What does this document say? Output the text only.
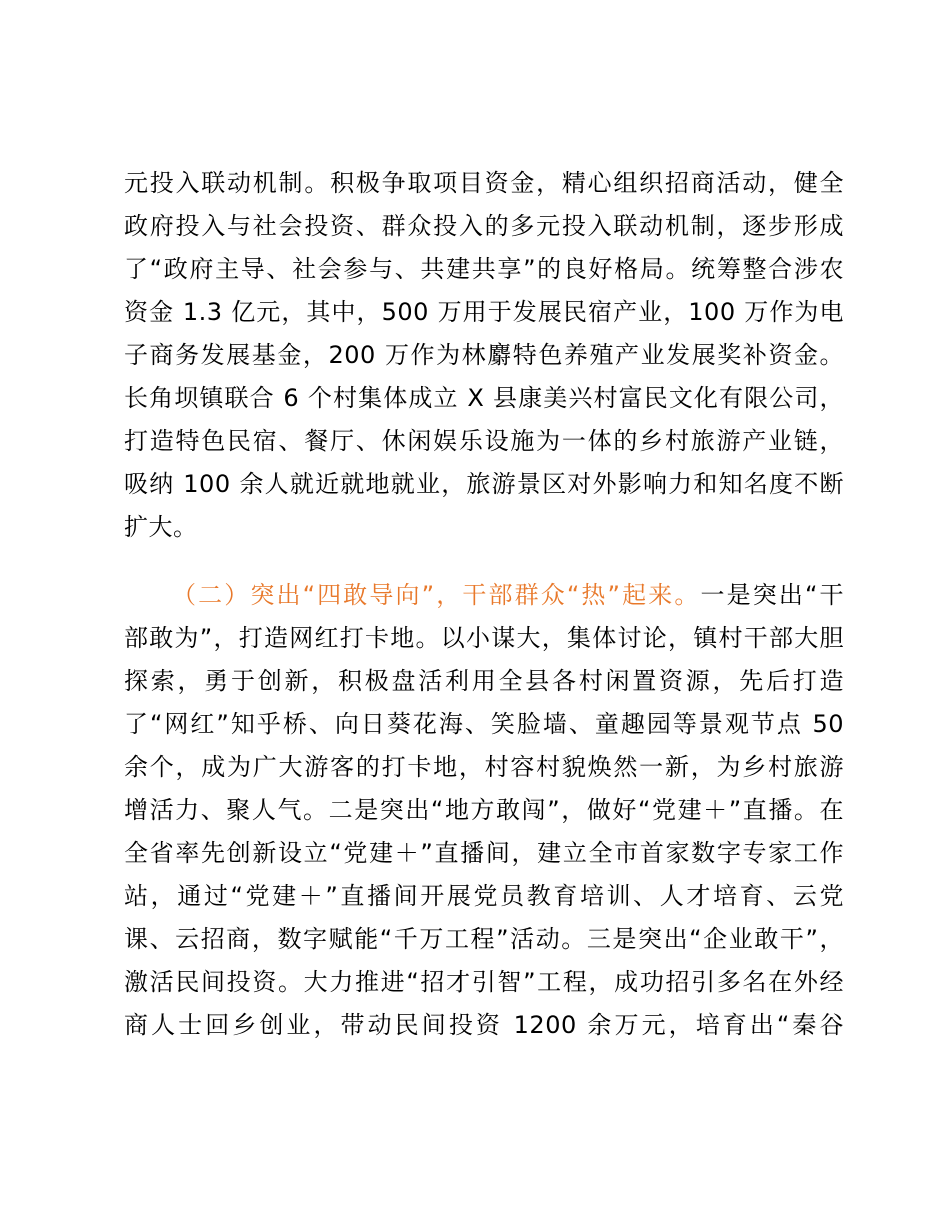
元投入联动机制。积极争取项目资金，精心组织招商活动，健全
政府投入与社会投资、群众投入的多元投入联动机制，逐步形成
了“政府主导、社会参与、共建共享”的良好格局。统筹整合涉农
资金 1.3 亿元，其中，500 万用于发展民宿产业，100 万作为电
子商务发展基金，200 万作为林麝特色养殖产业发展奖补资金。
长角坝镇联合 6 个村集体成立 X 县康美兴村富民文化有限公司，
打造特色民宿、餐厅、休闲娱乐设施为一体的乡村旅游产业链，
吸纳 100 余人就近就地就业，旅游景区对外影响力和知名度不断
扩大。
（二）突出“四敢导向”，干部群众“热”起来。一是突出“干
部敢为”，打造网红打卡地。以小谋大，集体讨论，镇村干部大胆
探索，勇于创新，积极盘活利用全县各村闲置资源，先后打造
了“网红”知乎桥、向日葵花海、笑脸墙、童趣园等景观节点 50
余个，成为广大游客的打卡地，村容村貌焕然一新，为乡村旅游
增活力、聚人气。二是突出“地方敢闯”，做好“党建＋”直播。在
全省率先创新设立“党建＋”直播间，建立全市首家数字专家工作
站，通过“党建＋”直播间开展党员教育培训、人才培育、云党
课、云招商，数字赋能“千万工程”活动。三是突出“企业敢干”，
激活民间投资。大力推进“招才引智”工程，成功招引多名在外经
商人士回乡创业，带动民间投资 1200 余万元，培育出“秦谷
